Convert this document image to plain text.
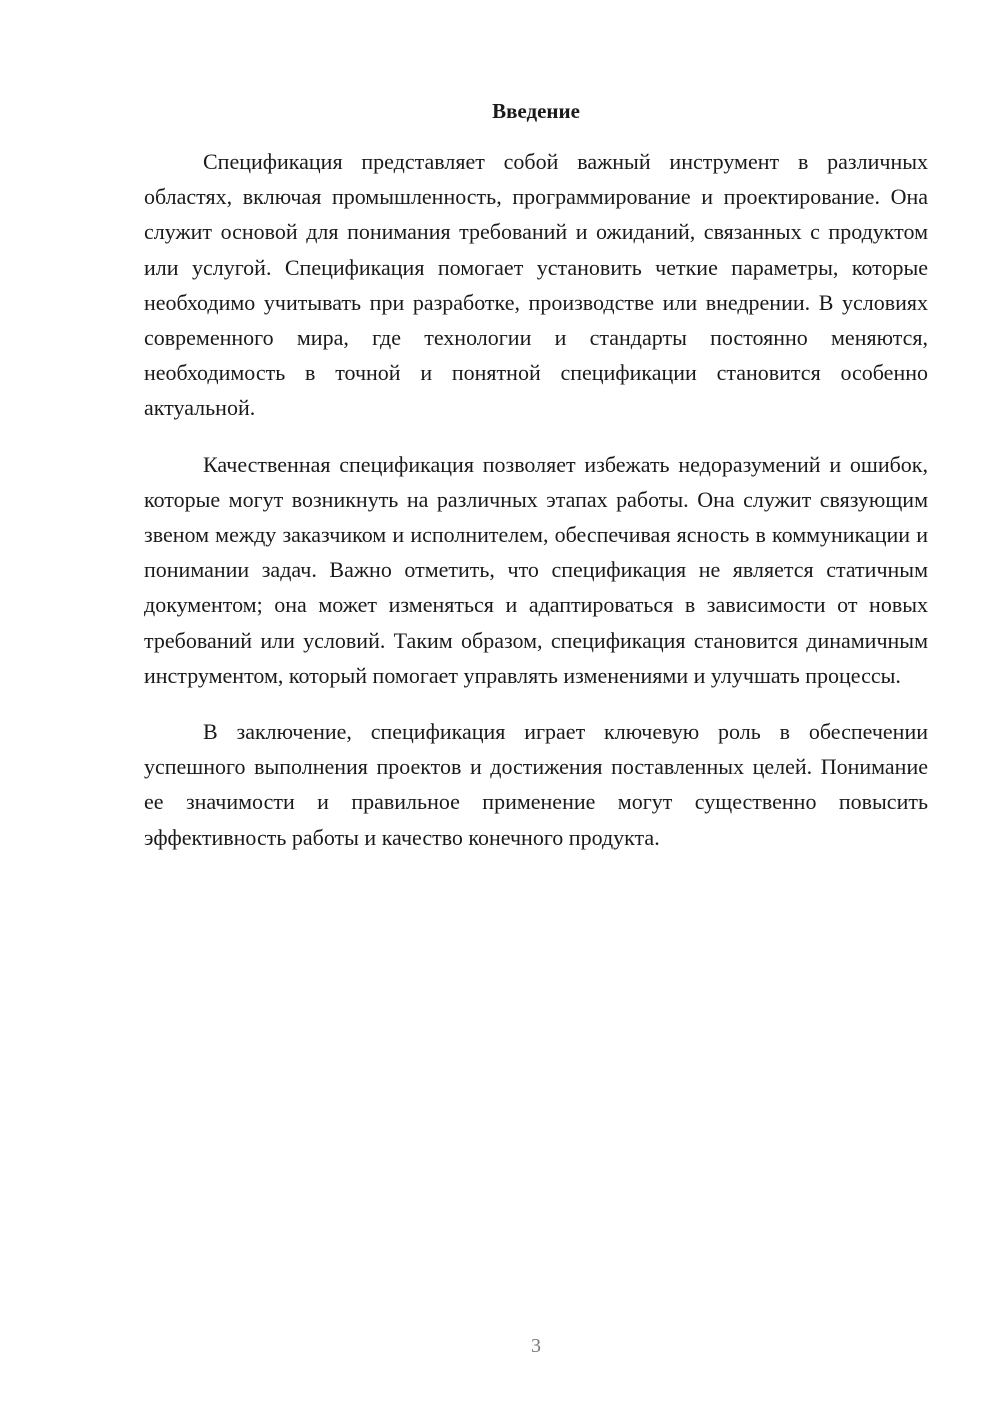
Введение

Спецификация представляет собой важный инструмент в различных областях, включая промышленность, программирование и проектирование. Она служит основой для понимания требований и ожиданий, связанных с продуктом или услугой. Спецификация помогает установить четкие параметры, которые необходимо учитывать при разработке, производстве или внедрении. В условиях современного мира, где технологии и стандарты постоянно меняются, необходимость в точной и понятной спецификации становится особенно актуальной.

Качественная спецификация позволяет избежать недоразумений и ошибок, которые могут возникнуть на различных этапах работы. Она служит связующим звеном между заказчиком и исполнителем, обеспечивая ясность в коммуникации и понимании задач. Важно отметить, что спецификация не является статичным документом; она может изменяться и адаптироваться в зависимости от новых требований или условий. Таким образом, спецификация становится динамичным инструментом, который помогает управлять изменениями и улучшать процессы.

В заключение, спецификация играет ключевую роль в обеспечении успешного выполнения проектов и достижения поставленных целей. Понимание ее значимости и правильное применение могут существенно повысить эффективность работы и качество конечного продукта.

3
